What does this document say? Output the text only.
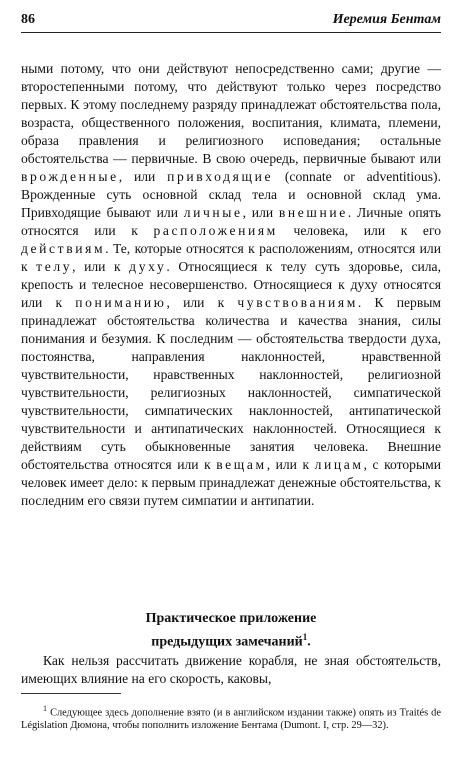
86	Иеремия Бентам

ными потому, что они действуют непосредственно сами; другие — второстепенными потому, что действуют только через посредство первых. К этому последнему разряду принадлежат обстоятельства пола, возраста, общественного положения, воспитания, климата, племени, образа правления и религиозного исповедания; остальные обстоятельства — первичные. В свою очередь, первичные бывают или врожденные, или привходящие (connate or adventitious). Врожденные суть основной склад тела и основной склад ума. Привходящие бывают или личные, или внешние. Личные опять относятся или к расположениям человека, или к его действиям. Те, которые относятся к расположениям, относятся или к телу, или к духу. Относящиеся к телу суть здоровье, сила, крепость и телесное несовершенство. Относящиеся к духу относятся или к пониманию, или к чувствованиям. К первым принадлежат обстоятельства количества и качества знания, силы понимания и безумия. К последним — обстоятельства твердости духа, постоянства, направления наклонностей, нравственной чувствительности, нравственных наклонностей, религиозной чувствительности, религиозных наклонностей, симпатической чувствительности, симпатических наклонностей, антипатической чувствительности и антипатических наклонностей. Относящиеся к действиям суть обыкновенные занятия человека. Внешние обстоятельства относятся или к вещам, или к лицам, с которыми человек имеет дело: к первым принадлежат денежные обстоятельства, к последним его связи путем симпатии и антипатии.

Практическое приложение
предыдущих замечаний$^1$.
Как нельзя рассчитать движение корабля, не зная обстоятельств, имеющих влияние на его скорость, каковы,
$^1$ Следующее здесь дополнение взято (и в английском издании также) опять из Traités de Législation Дюмона, чтобы пополнить изложение Бентама (Dumont. I, стр. 29—32).
